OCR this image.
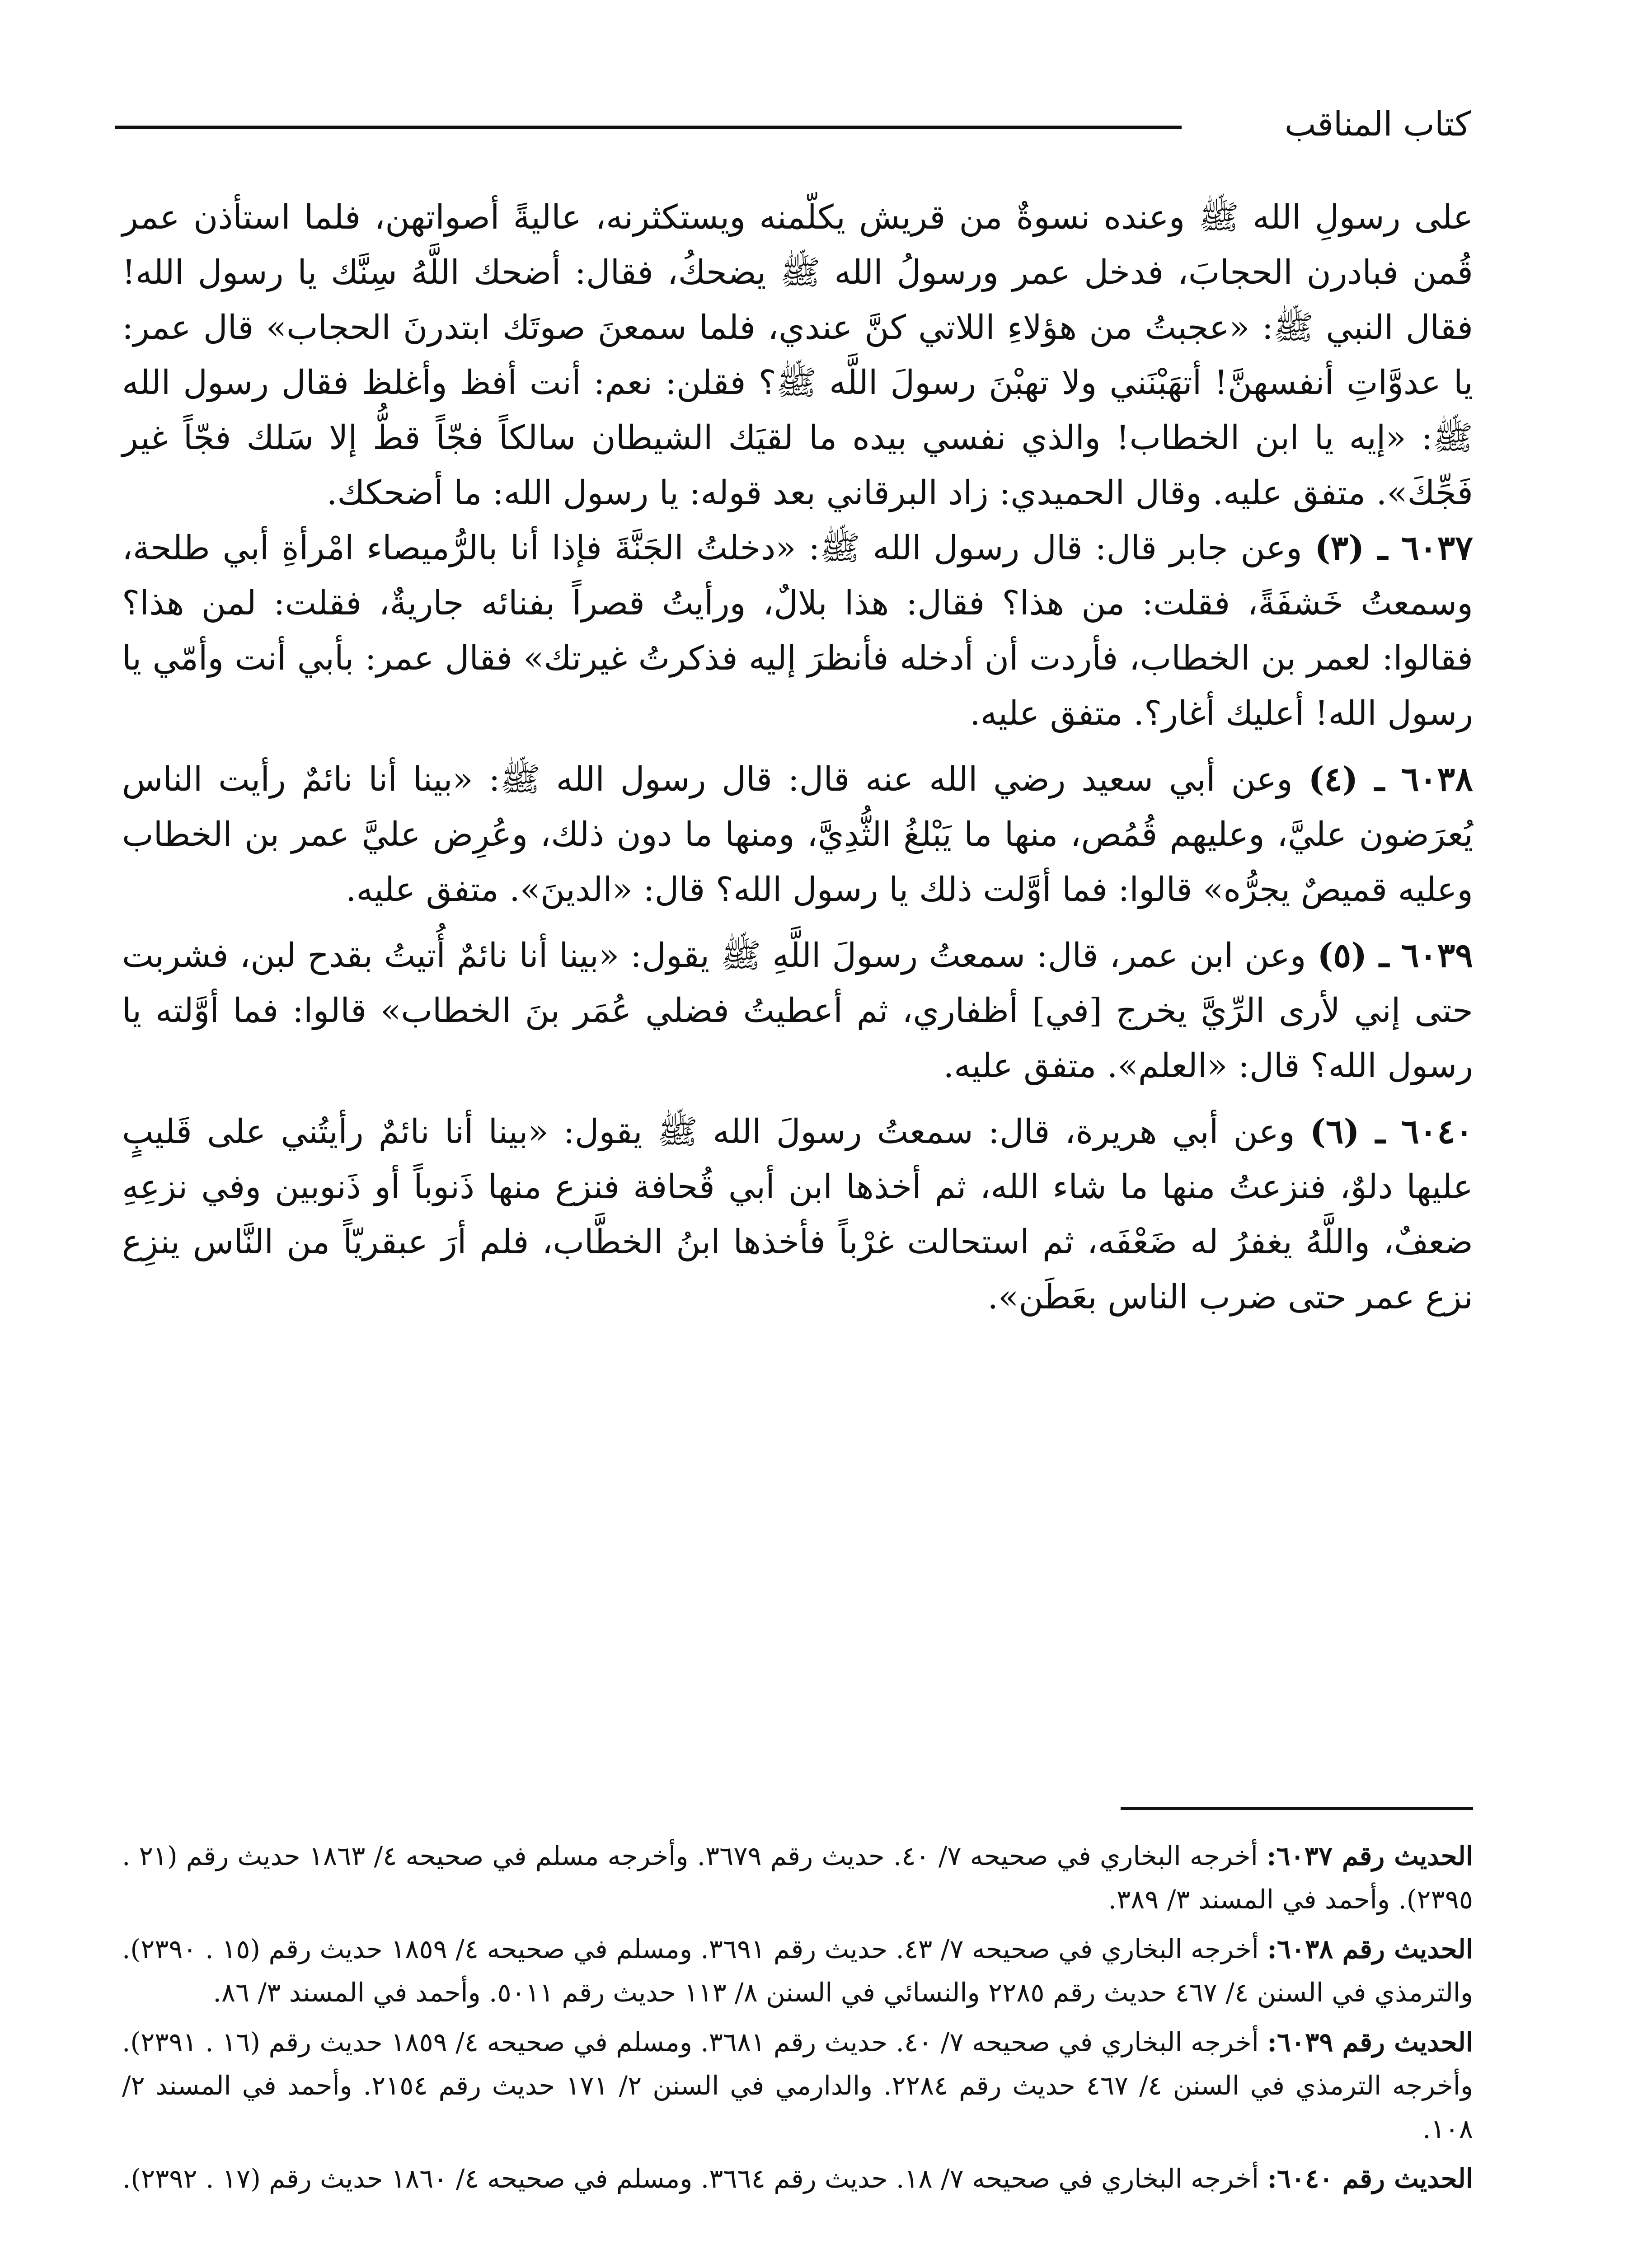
كتاب المناقب

على رسولِ الله ﷺ وعنده نسوةٌ من قريش يكلّمنه ويستكثرنه، عاليةً أصواتهن، فلما استأذن عمر قُمن فبادرن الحجابَ، فدخل عمر ورسولُ الله ﷺ يضحكُ، فقال: أضحك اللَّهُ سِنَّك يا رسول الله! فقال النبي ﷺ: «عجبتُ من هؤلاءِ اللاتي كنَّ عندي، فلما سمعنَ صوتَك ابتدرنَ الحجاب» قال عمر: يا عدوَّاتِ أنفسهنَّ! أتهَبْنَني ولا تهبْنَ رسولَ اللَّه ﷺ؟ فقلن: نعم: أنت أفظ وأغلظ فقال رسول الله ﷺ: «إيه يا ابن الخطاب! والذي نفسي بيده ما لقيَك الشيطان سالكاً فجّاً قطُّ إلا سَلك فجّاً غير فَجِّكَ». متفق عليه. وقال الحميدي: زاد البرقاني بعد قوله: يا رسول الله: ما أضحكك.

٦٠٣٧ ـ (٣) وعن جابر قال: قال رسول الله ﷺ: «دخلتُ الجَنَّةَ فإذا أنا بالرُّميصاء امْرأةِ أبي طلحة، وسمعتُ خَشفَةً، فقلت: من هذا؟ فقال: هذا بلالٌ، ورأيتُ قصراً بفنائه جاريةٌ، فقلت: لمن هذا؟ فقالوا: لعمر بن الخطاب، فأردت أن أدخله فأنظرَ إليه فذكرتُ غيرتك» فقال عمر: بأبي أنت وأمّي يا رسول الله! أعليك أغار؟. متفق عليه.

٦٠٣٨ ـ (٤) وعن أبي سعيد رضي الله عنه قال: قال رسول الله ﷺ: «بينا أنا نائمٌ رأيت الناس يُعرَضون عليَّ، وعليهم قُمُص، منها ما يَبْلغُ الثُّدِيَّ، ومنها ما دون ذلك، وعُرِض عليَّ عمر بن الخطاب وعليه قميصٌ يجرُّه» قالوا: فما أوَّلت ذلك يا رسول الله؟ قال: «الدينَ». متفق عليه.

٦٠٣٩ ـ (٥) وعن ابن عمر، قال: سمعتُ رسولَ اللَّهِ ﷺ يقول: «بينا أنا نائمٌ أُتيتُ بقدح لبن، فشربت حتى إني لأرى الرِّيَّ يخرج [في] أظفاري، ثم أعطيتُ فضلي عُمَر بنَ الخطاب» قالوا: فما أوَّلته يا رسول الله؟ قال: «العلم». متفق عليه.

٦٠٤٠ ـ (٦) وعن أبي هريرة، قال: سمعتُ رسولَ الله ﷺ يقول: «بينا أنا نائمٌ رأيتُني على قَليبٍ عليها دلوٌ، فنزعتُ منها ما شاء الله، ثم أخذها ابن أبي قُحافة فنزع منها ذَنوباً أو ذَنوبين وفي نزعِهِ ضعفٌ، واللَّهُ يغفرُ له ضَعْفَه، ثم استحالت غرْباً فأخذها ابنُ الخطَّاب، فلم أرَ عبقريّاً من النَّاس ينزِع نزع عمر حتى ضرب الناس بعَطَن».

الحديث رقم ٦٠٣٧: أخرجه البخاري في صحيحه ٧/ ٤٠. حديث رقم ٣٦٧٩. وأخرجه مسلم في صحيحه ٤/ ١٨٦٣ حديث رقم (٢١ . ٢٣٩٥). وأحمد في المسند ٣/ ٣٨٩.

الحديث رقم ٦٠٣٨: أخرجه البخاري في صحيحه ٧/ ٤٣. حديث رقم ٣٦٩١. ومسلم في صحيحه ٤/ ١٨٥٩ حديث رقم (١٥ . ٢٣٩٠). والترمذي في السنن ٤/ ٤٦٧ حديث رقم ٢٢٨٥ والنسائي في السنن ٨/ ١١٣ حديث رقم ٥٠١١. وأحمد في المسند ٣/ ٨٦.

الحديث رقم ٦٠٣٩: أخرجه البخاري في صحيحه ٧/ ٤٠. حديث رقم ٣٦٨١. ومسلم في صحيحه ٤/ ١٨٥٩ حديث رقم (١٦ . ٢٣٩١). وأخرجه الترمذي في السنن ٤/ ٤٦٧ حديث رقم ٢٢٨٤. والدارمي في السنن ٢/ ١٧١ حديث رقم ٢١٥٤. وأحمد في المسند ٢/ ١٠٨.

الحديث رقم ٦٠٤٠: أخرجه البخاري في صحيحه ٧/ ١٨. حديث رقم ٣٦٦٤. ومسلم في صحيحه ٤/ ١٨٦٠ حديث رقم (١٧ . ٢٣٩٢).
